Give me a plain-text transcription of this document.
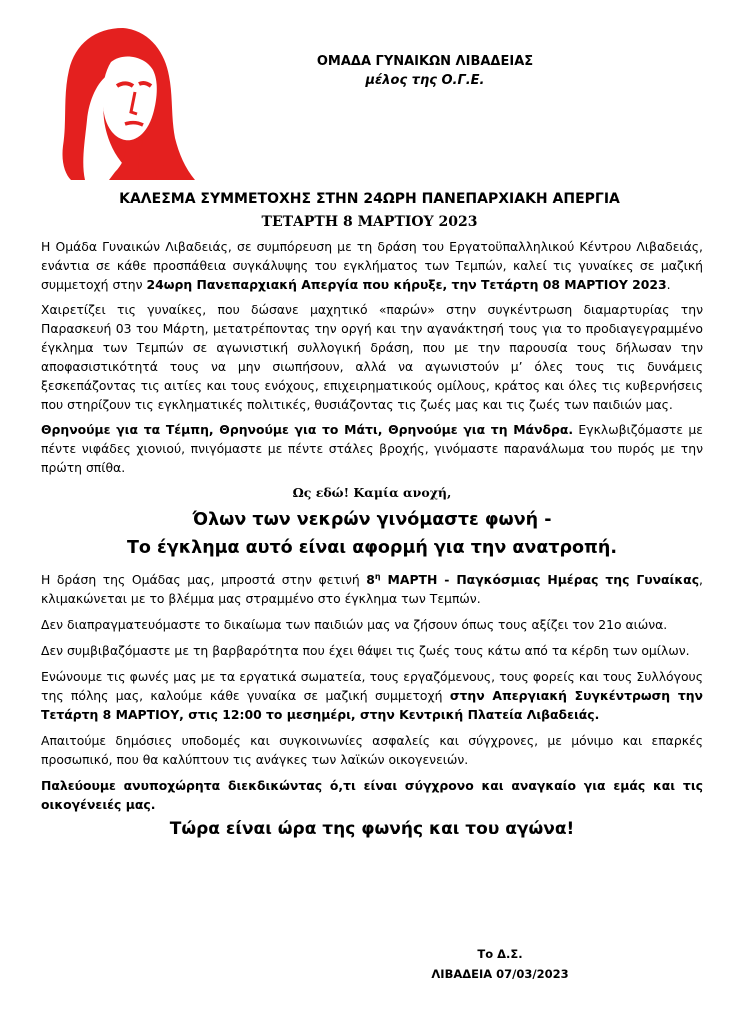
ΟΜΑΔΑ ΓΥΝΑΙΚΩΝ ΛΙΒΑΔΕΙΑΣ
μέλος της Ο.Γ.Ε.
ΚΑΛΕΣΜΑ ΣΥΜΜΕΤΟΧΗΣ ΣΤΗΝ 24ΩΡΗ ΠΑΝΕΠΑΡΧΙΑΚΗ ΑΠΕΡΓΙΑ
ΤΕΤΑΡΤΗ 8 ΜΑΡΤΙΟΥ 2023

Η Ομάδα Γυναικών Λιβαδειάς, σε συμπόρευση με τη δράση του Εργατοϋπαλληλικού Κέντρου Λιβαδειάς, ενάντια σε κάθε προσπάθεια συγκάλυψης του εγκλήματος των Τεμπών, καλεί τις γυναίκες σε μαζική συμμετοχή στην 24ωρη Πανεπαρχιακή Απεργία που κήρυξε, την Τετάρτη 08 ΜΑΡΤΙΟΥ 2023.

Χαιρετίζει τις γυναίκες, που δώσανε μαχητικό «παρών» στην συγκέντρωση διαμαρτυρίας την Παρασκευή 03 του Μάρτη, μετατρέποντας την οργή και την αγανάκτησή τους για το προδιαγεγραμμένο έγκλημα των Τεμπών σε αγωνιστική συλλογική δράση, που με την παρουσία τους δήλωσαν την αποφασιστικότητά τους να μην σιωπήσουν, αλλά να αγωνιστούν μ’ όλες τους τις δυνάμεις ξεσκεπάζοντας τις αιτίες και τους ενόχους, επιχειρηματικούς ομίλους, κράτος και όλες τις κυβερνήσεις που στηρίζουν τις εγκληματικές πολιτικές, θυσιάζοντας τις ζωές μας και τις ζωές των παιδιών μας.

Θρηνούμε για τα Τέμπη, Θρηνούμε για το Μάτι, Θρηνούμε για τη Μάνδρα. Εγκλωβιζόμαστε με πέντε νιφάδες χιονιού, πνιγόμαστε με πέντε στάλες βροχής, γινόμαστε παρανάλωμα του πυρός με την πρώτη σπίθα.

Ως εδώ! Καμία ανοχή,

Όλων των νεκρών γινόμαστε φωνή -

Το έγκλημα αυτό είναι αφορμή για την ανατροπή.

Η δράση της Ομάδας μας, μπροστά στην φετινή $8^\eta$ ΜΑΡΤΗ - Παγκόσμιας Ημέρας της Γυναίκας, κλιμακώνεται με το βλέμμα μας στραμμένο στο έγκλημα των Τεμπών.

Δεν διαπραγματευόμαστε το δικαίωμα των παιδιών μας να ζήσουν όπως τους αξίζει τον 21ο αιώνα.

Δεν συμβιβαζόμαστε με τη βαρβαρότητα που έχει θάψει τις ζωές τους κάτω από τα κέρδη των ομίλων.

Ενώνουμε τις φωνές μας με τα εργατικά σωματεία, τους εργαζόμενους, τους φορείς και τους Συλλόγους της πόλης μας, καλούμε κάθε γυναίκα σε μαζική συμμετοχή στην Απεργιακή Συγκέντρωση την Τετάρτη 8 ΜΑΡΤΙΟΥ, στις 12:00 το μεσημέρι, στην Κεντρική Πλατεία Λιβαδειάς.

Απαιτούμε δημόσιες υποδομές και συγκοινωνίες ασφαλείς και σύγχρονες, με μόνιμο και επαρκές προσωπικό, που θα καλύπτουν τις ανάγκες των λαϊκών οικογενειών.

Παλεύουμε ανυποχώρητα διεκδικώντας ό,τι είναι σύγχρονο και αναγκαίο για εμάς και τις οικογένειές μας.

Τώρα είναι ώρα της φωνής και του αγώνα!

Το Δ.Σ.
ΛΙΒΑΔΕΙΑ 07/03/2023
